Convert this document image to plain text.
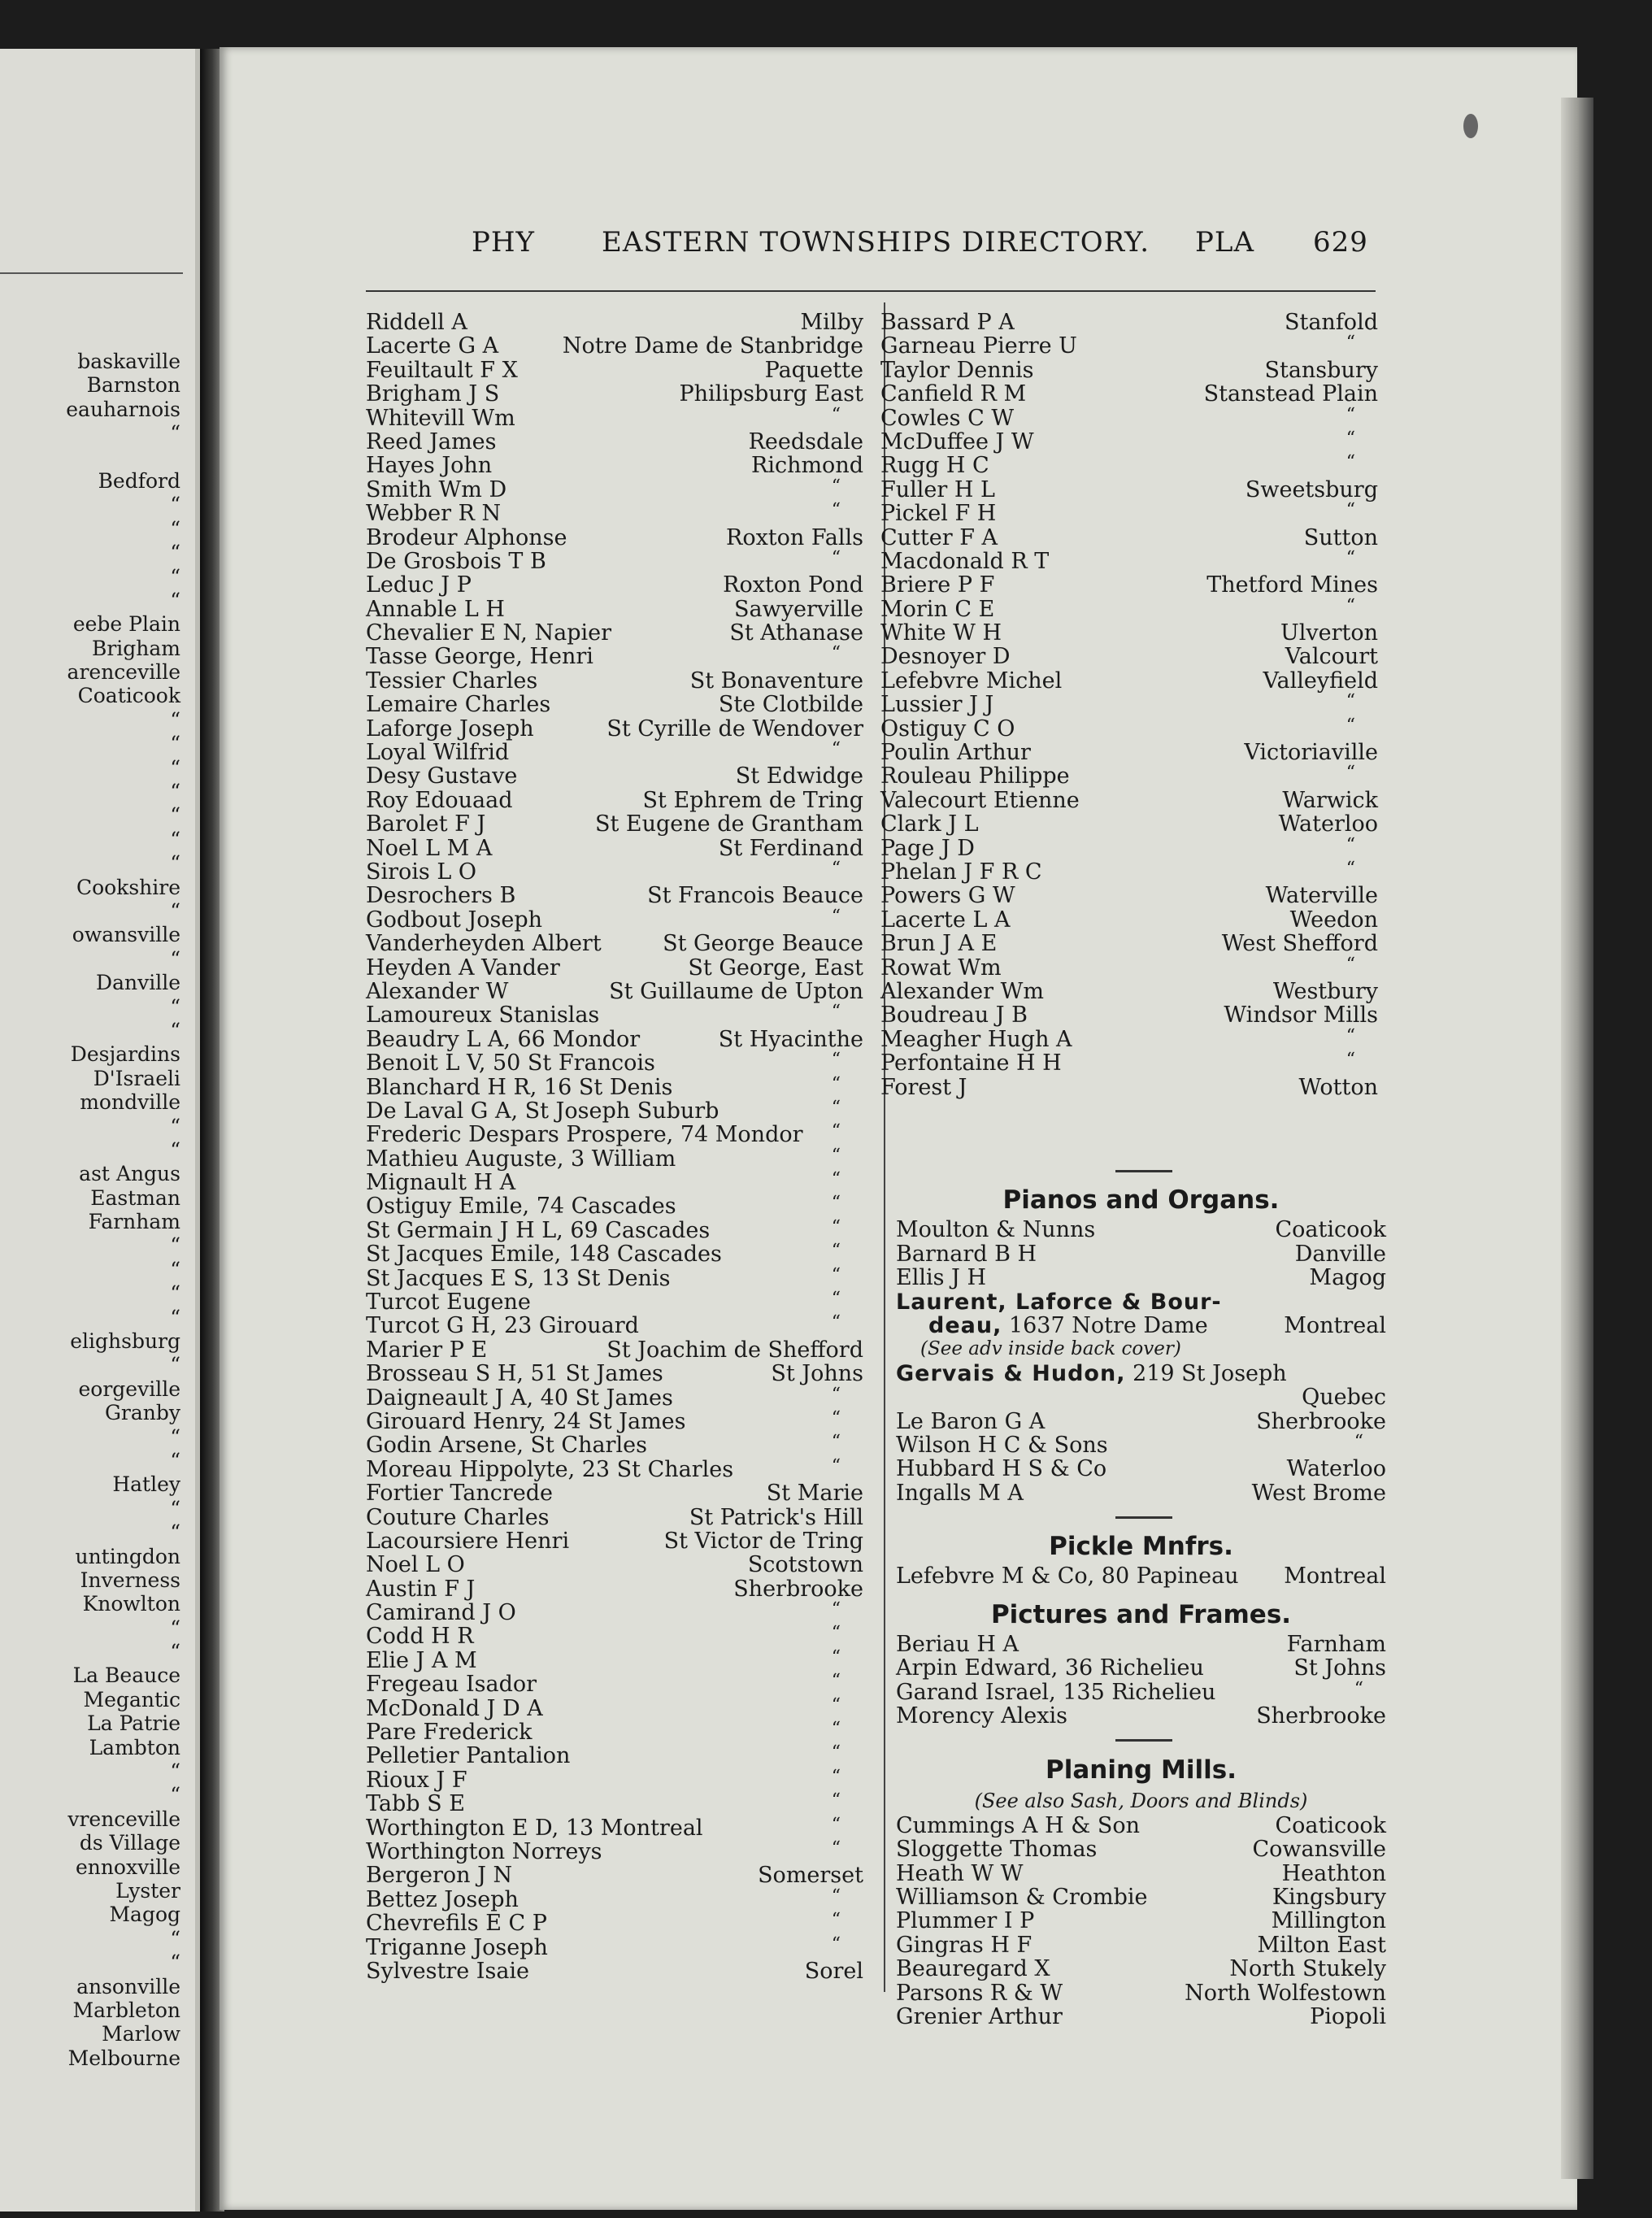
baskaville
Barnston
eauharnois
“
Bedford
“
“
“
“
“
eebe Plain
Brigham
arenceville
Coaticook
“
“
“
“
“
“
“
Cookshire
“
owansville
“
Danville
“
“
Desjardins
D'Israeli
mondville
“
“
ast Angus
Eastman
Farnham
“
“
“
“
elighsburg
“
eorgeville
Granby
“
“
Hatley
“
“
untingdon
Inverness
Knowlton
“
“
La Beauce
Megantic
La Patrie
Lambton
“
“
vrenceville
ds Village
ennoxville
Lyster
Magog
“
“
ansonville
Marbleton
Marlow
Melbourne
PHY EASTERN TOWNSHIPS DIRECTORY. PLA 629
Riddell A	Milby
Lacerte G A	Notre Dame de Stanbridge
Feuiltault F X	Paquette
Brigham J S	Philipsburg East
Whitevill Wm	“
Reed James	Reedsdale
Hayes John	Richmond
Smith Wm D	“
Webber R N	“
Brodeur Alphonse	Roxton Falls
De Grosbois T B	“
Leduc J P	Roxton Pond
Annable L H	Sawyerville
Chevalier E N, Napier	St Athanase
Tasse George, Henri	“
Tessier Charles	St Bonaventure
Lemaire Charles	Ste Clotbilde
Laforge Joseph	St Cyrille de Wendover
Loyal Wilfrid	“
Desy Gustave	St Edwidge
Roy Edouaad	St Ephrem de Tring
Barolet F J	St Eugene de Grantham
Noel L M A	St Ferdinand
Sirois L O	“
Desrochers B	St Francois Beauce
Godbout Joseph	“
Vanderheyden Albert	St George Beauce
Heyden A Vander	St George, East
Alexander W	St Guillaume de Upton
Lamoureux Stanislas	“
Beaudry L A, 66 Mondor	St Hyacinthe
Benoit L V, 50 St Francois	“
Blanchard H R, 16 St Denis	“
De Laval G A, St Joseph Suburb	“
Frederic Despars Prospere, 74 Mondor “
Mathieu Auguste, 3 William	“
Mignault H A	“
Ostiguy Emile, 74 Cascades	“
St Germain J H L, 69 Cascades	“
St Jacques Emile, 148 Cascades	“
St Jacques E S, 13 St Denis	“
Turcot Eugene	“
Turcot G H, 23 Girouard	“
Marier P E	St Joachim de Shefford
Brosseau S H, 51 St James	St Johns
Daigneault J A, 40 St James	“
Girouard Henry, 24 St James	“
Godin Arsene, St Charles	“
Moreau Hippolyte, 23 St Charles	“
Fortier Tancrede	St Marie
Couture Charles	St Patrick's Hill
Lacoursiere Henri	St Victor de Tring
Noel L O	Scotstown
Austin F J	Sherbrooke
Camirand J O	“
Codd H R	“
Elie J A M	“
Fregeau Isador	“
McDonald J D A	“
Pare Frederick	“
Pelletier Pantalion	“
Rioux J F	“
Tabb S E	“
Worthington E D, 13 Montreal	“
Worthington Norreys	“
Bergeron J N	Somerset
Bettez Joseph	“
Chevrefils E C P	“
Triganne Joseph	“
Sylvestre Isaie	Sorel
Bassard P A	Stanfold
Garneau Pierre U	“
Taylor Dennis	Stansbury
Canfield R M	Stanstead Plain
Cowles C W	“
McDuffee J W	“
Rugg H C	“
Fuller H L	Sweetsburg
Pickel F H	“
Cutter F A	Sutton
Macdonald R T	“
Briere P F	Thetford Mines
Morin C E	“
White W H	Ulverton
Desnoyer D	Valcourt
Lefebvre Michel	Valleyfield
Lussier J J	“
Ostiguy C O	“
Poulin Arthur	Victoriaville
Rouleau Philippe	“
Valecourt Etienne	Warwick
Clark J L	Waterloo
Page J D	“
Phelan J F R C	“
Powers G W	Waterville
Lacerte L A	Weedon
Brun J A E	West Shefford
Rowat Wm	“
Alexander Wm	Westbury
Boudreau J B	Windsor Mills
Meagher Hugh A	“
Perfontaine H H	“
Forest J	Wotton
Pianos and Organs.
Moulton & Nunns	Coaticook
Barnard B H	Danville
Ellis J H	Magog
Laurent, Laforce & Bour-
deau, 1637 Notre Dame	Montreal
(See adv inside back cover)
Gervais & Hudon, 219 St Joseph
Quebec
Le Baron G A	Sherbrooke
Wilson H C & Sons	“
Hubbard H S & Co	Waterloo
Ingalls M A	West Brome
Pickle Mnfrs.
Lefebvre M & Co, 80 Papineau Montreal
Pictures and Frames.
Beriau H A	Farnham
Arpin Edward, 36 Richelieu	St Johns
Garand Israel, 135 Richelieu	“
Morency Alexis	Sherbrooke
Planing Mills.
(See also Sash, Doors and Blinds)
Cummings A H & Son	Coaticook
Sloggette Thomas	Cowansville
Heath W W	Heathton
Williamson & Crombie	Kingsbury
Plummer I P	Millington
Gingras H F	Milton East
Beauregard X	North Stukely
Parsons R & W	North Wolfestown
Grenier Arthur	Piopoli
